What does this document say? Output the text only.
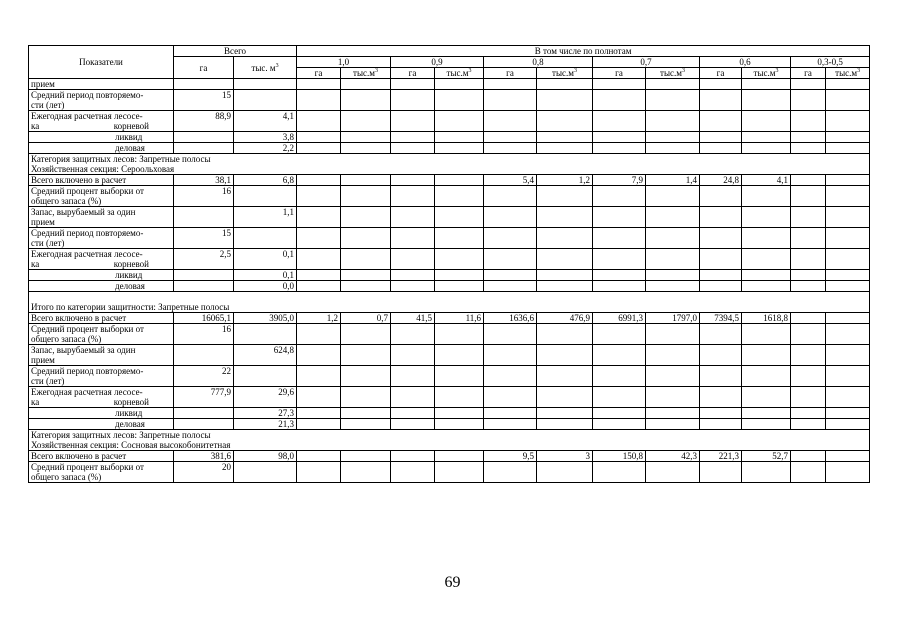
Показатели	Всего		В том числе по полнотам											
	га	тыс. $м^3$	1,0		0,9		0,8		0,7		0,6		0,3-0,5	
			га	$тыс.м^3$	га	$тыс.м^3$	га	$тыс.м^3$	га	$тыс.м^3$	га	$тыс.м^3$	га	$тыс.м^3$
прием														

Средний период повторяемо-
сти (лет)	15													

Ежегодная расчетная лесосе-
ка корневой	88,9	4,1												
ликвид		3,8												
деловая		2,2												

Категория защитных лесов: Запретные полосы
Хозяйственная секция: Сероольховая														

Всего включено в расчет	38,1	6,8					5,4	1,2	7,9	1,4	24,8	4,1		

Средний процент выборки от
общего запаса (%)	16													

Запас, вырубаемый за один
прием		1,1												

Средний период повторяемо-
сти (лет)	15													

Ежегодная расчетная лесосе-
ка корневой	2,5	0,1												
ликвид		0,1												
деловая		0,0												

Итого по категории защитности: Запретные полосы														

Всего включено в расчет	16065,1	3905,0	1,2	0,7	41,5	11,6	1636,6	476,9	6991,3	1797,0	7394,5	1618,8		

Средний процент выборки от
общего запаса (%)	16													

Запас, вырубаемый за один
прием		624,8												

Средний период повторяемо-
сти (лет)	22													

Ежегодная расчетная лесосе-
ка корневой	777,9	29,6												
ликвид		27,3												
деловая		21,3												

Категория защитных лесов: Запретные полосы
Хозяйственная секция: Сосновая высокобонитетная														

Всего включено в расчет	381,6	98,0					9,5	3	150,8	42,3	221,3	52,7		

Средний процент выборки от
общего запаса (%)	20													
69
